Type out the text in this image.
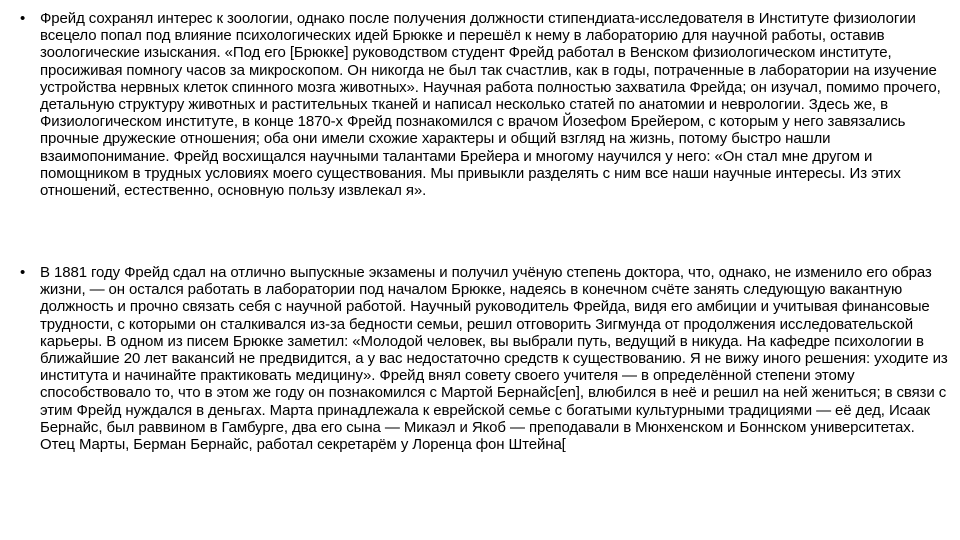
• Фрейд сохранял интерес к зоологии, однако после получения должности стипендиата-исследователя в Институте физиологии всецело попал под влияние психологических идей Брюкке и перешёл к нему в лабораторию для научной работы, оставив зоологические изыскания. «Под его [Брюкке] руководством студент Фрейд работал в Венском физиологическом институте, просиживая помногу часов за микроскопом. Он никогда не был так счастлив, как в годы, потраченные в лаборатории на изучение устройства нервных клеток спинного мозга животных». Научная работа полностью захватила Фрейда; он изучал, помимо прочего, детальную структуру животных и растительных тканей и написал несколько статей по анатомии и неврологии. Здесь же, в Физиологическом институте, в конце 1870-х Фрейд познакомился с врачом Йозефом Брейером, с которым у него завязались прочные дружеские отношения; оба они имели схожие характеры и общий взгляд на жизнь, потому быстро нашли взаимопонимание. Фрейд восхищался научными талантами Брейера и многому научился у него: «Он стал мне другом и помощником в трудных условиях моего существования. Мы привыкли разделять с ним все наши научные интересы. Из этих отношений, естественно, основную пользу извлекал я».

• В 1881 году Фрейд сдал на отлично выпускные экзамены и получил учёную степень доктора, что, однако, не изменило его образ жизни, — он остался работать в лаборатории под началом Брюкке, надеясь в конечном счёте занять следующую вакантную должность и прочно связать себя с научной работой. Научный руководитель Фрейда, видя его амбиции и учитывая финансовые трудности, с которыми он сталкивался из-за бедности семьи, решил отговорить Зигмунда от продолжения исследовательской карьеры. В одном из писем Брюкке заметил: «Молодой человек, вы выбрали путь, ведущий в никуда. На кафедре психологии в ближайшие 20 лет вакансий не предвидится, а у вас недостаточно средств к существованию. Я не вижу иного решения: уходите из института и начинайте практиковать медицину». Фрейд внял совету своего учителя — в определённой степени этому способствовало то, что в этом же году он познакомился с Мартой Бернайс[en], влюбился в неё и решил на ней жениться; в связи с этим Фрейд нуждался в деньгах. Марта принадлежала к еврейской семье с богатыми культурными традициями — её дед, Исаак Бернайс, был раввином в Гамбурге, два его сына — Микаэл и Якоб — преподавали в Мюнхенском и Боннском университетах. Отец Марты, Берман Бернайс, работал секретарём у Лоренца фон Штейна[
